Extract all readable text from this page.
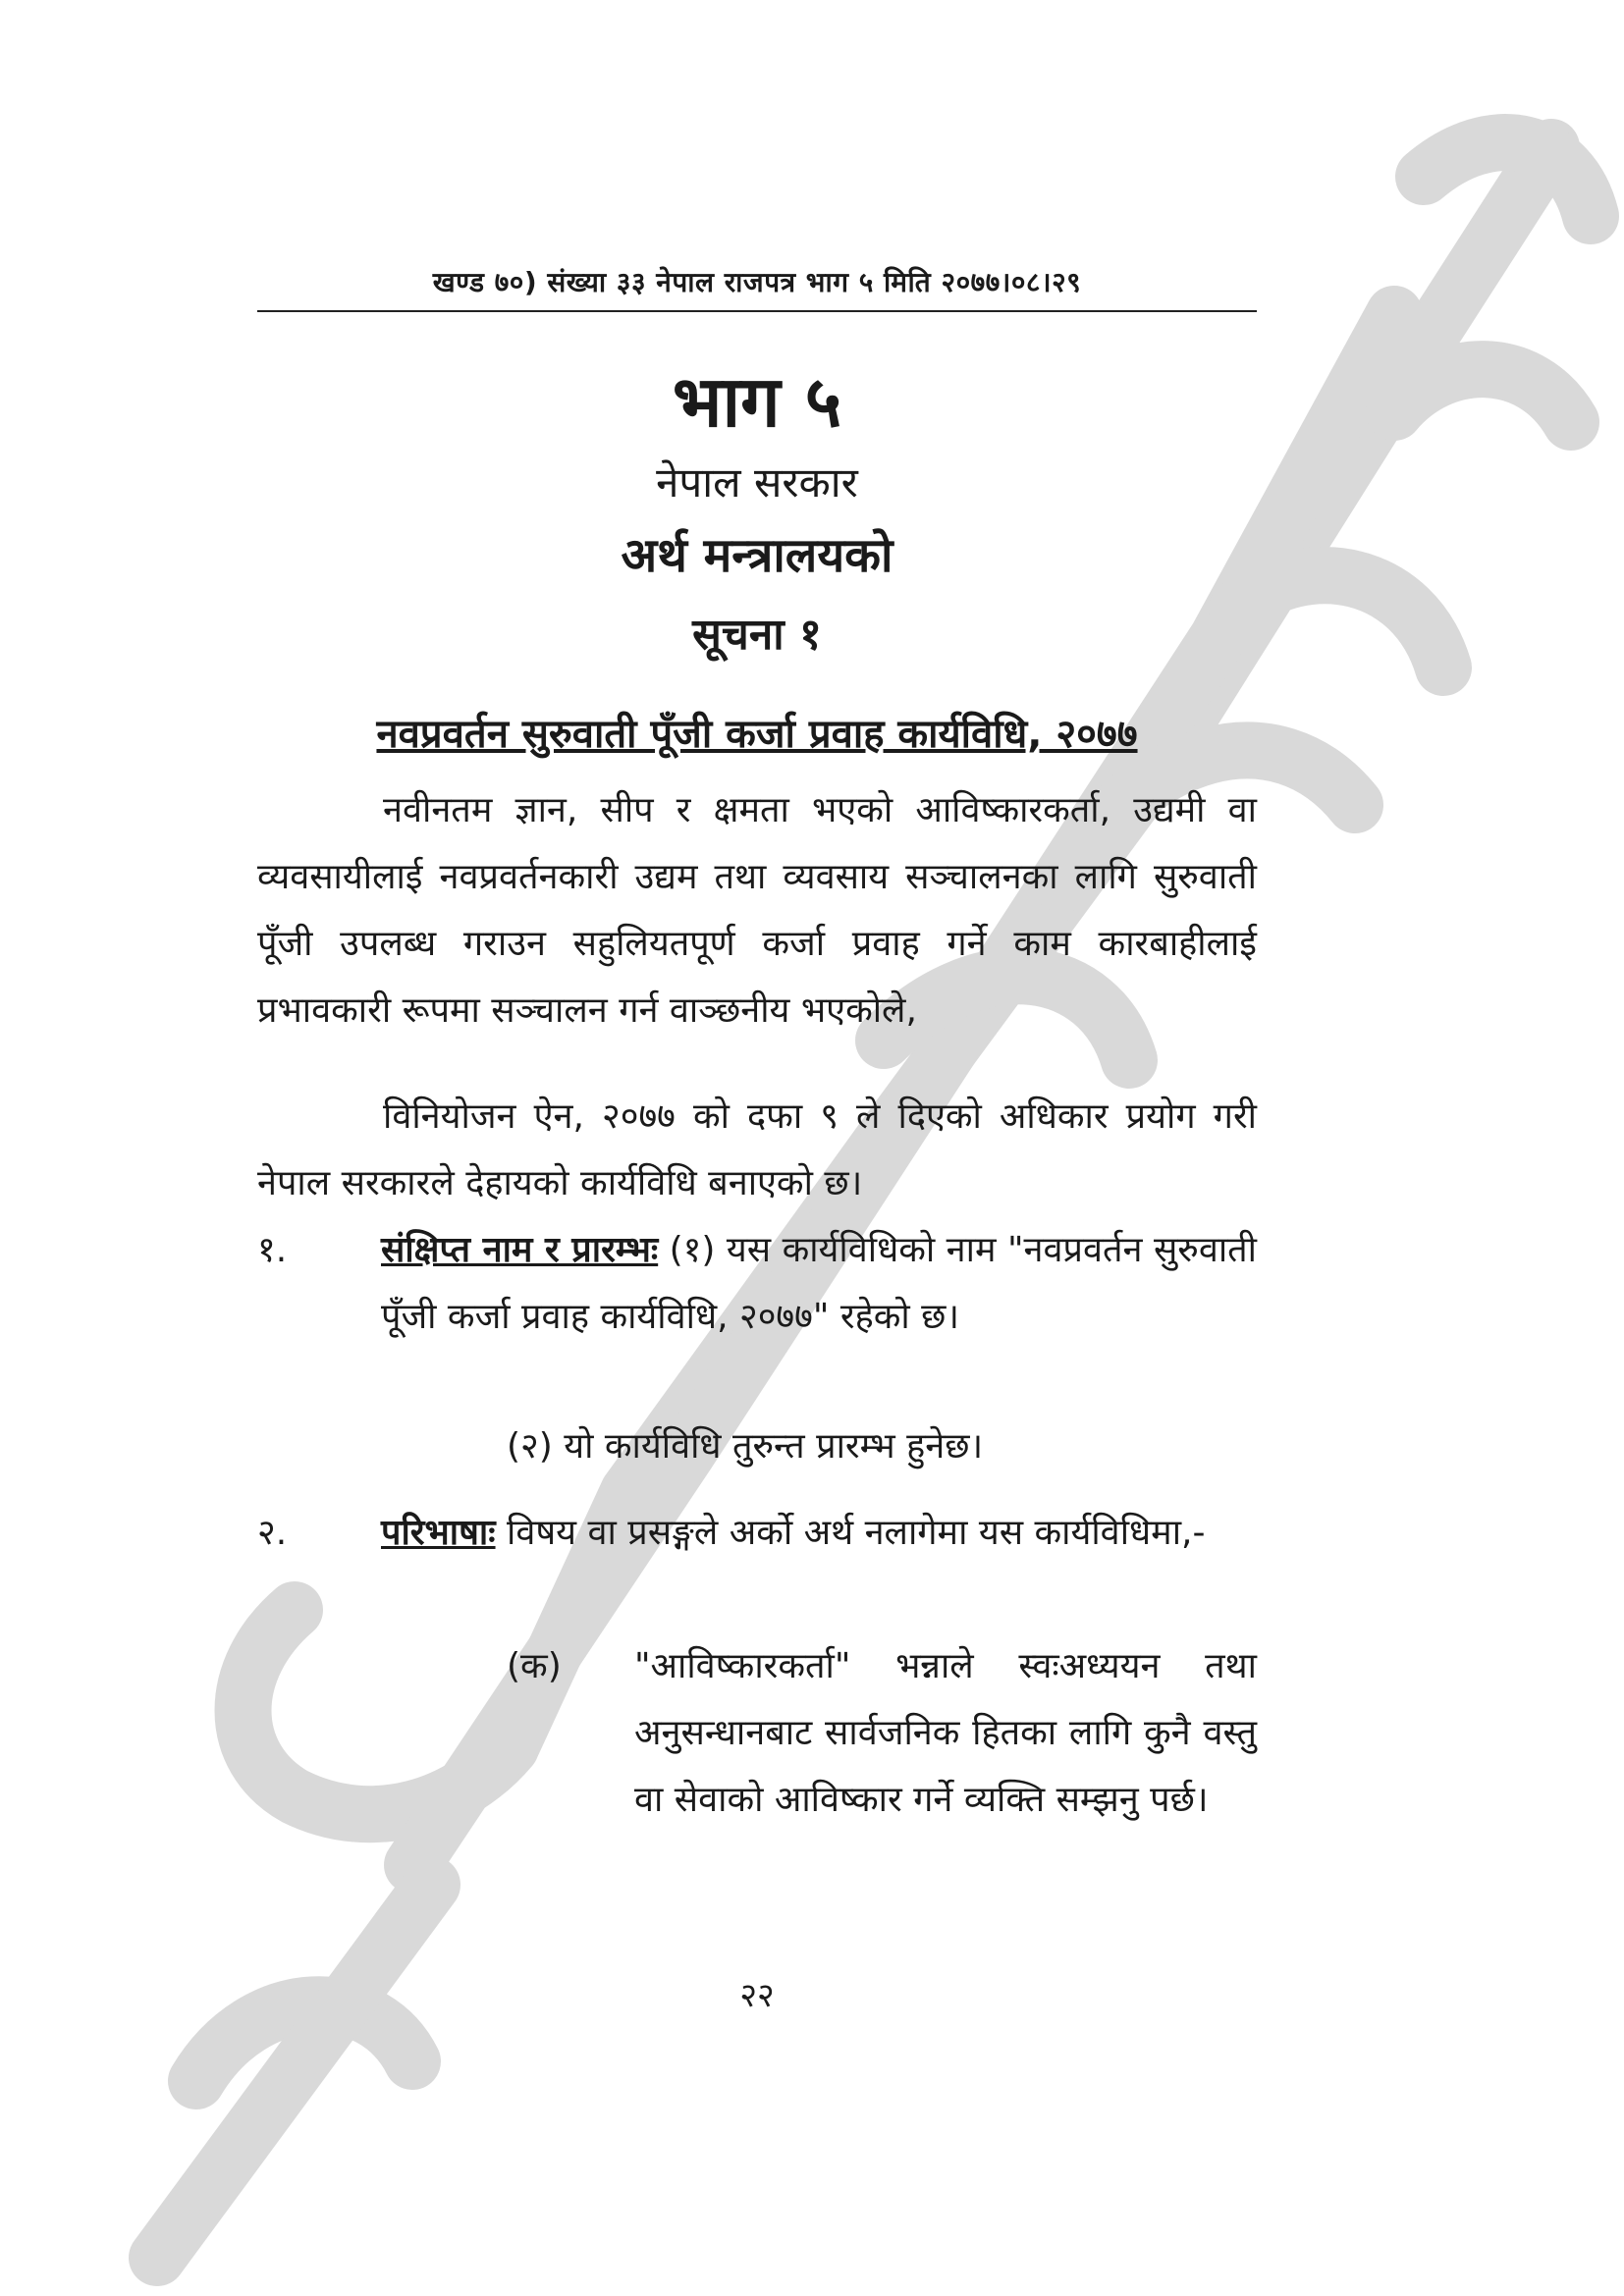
खण्ड ७०) संख्या ३३ नेपाल राजपत्र भाग ५ मिति २०७७।०८।२९
भाग ५
नेपाल सरकार
अर्थ मन्त्रालयको
सूचना १
नवप्रवर्तन सुरुवाती पूँजी कर्जा प्रवाह कार्यविधि, २०७७
नवीनतम ज्ञान, सीप र क्षमता भएको आविष्कारकर्ता, उद्यमी वा व्यवसायीलाई नवप्रवर्तनकारी उद्यम तथा व्यवसाय सञ्चालनका लागि सुरुवाती पूँजी उपलब्ध गराउन सहुलियतपूर्ण कर्जा प्रवाह गर्ने काम कारबाहीलाई प्रभावकारी रूपमा सञ्चालन गर्न वाञ्छनीय भएकोले,
विनियोजन ऐन, २०७७ को दफा ९ ले दिएको अधिकार प्रयोग गरी नेपाल सरकारले देहायको कार्यविधि बनाएको छ।
१.	संक्षिप्त नाम र प्रारम्भः (१) यस कार्यविधिको नाम "नवप्रवर्तन सुरुवाती पूँजी कर्जा प्रवाह कार्यविधि, २०७७" रहेको छ।
(२) यो कार्यविधि तुरुन्त प्रारम्भ हुनेछ।
२.	परिभाषाः विषय वा प्रसङ्गले अर्को अर्थ नलागेमा यस कार्यविधिमा,-
(क) "आविष्कारकर्ता" भन्नाले स्वःअध्ययन तथा अनुसन्धानबाट सार्वजनिक हितका लागि कुनै वस्तु वा सेवाको आविष्कार गर्ने व्यक्ति सम्झनु पर्छ।
२२
